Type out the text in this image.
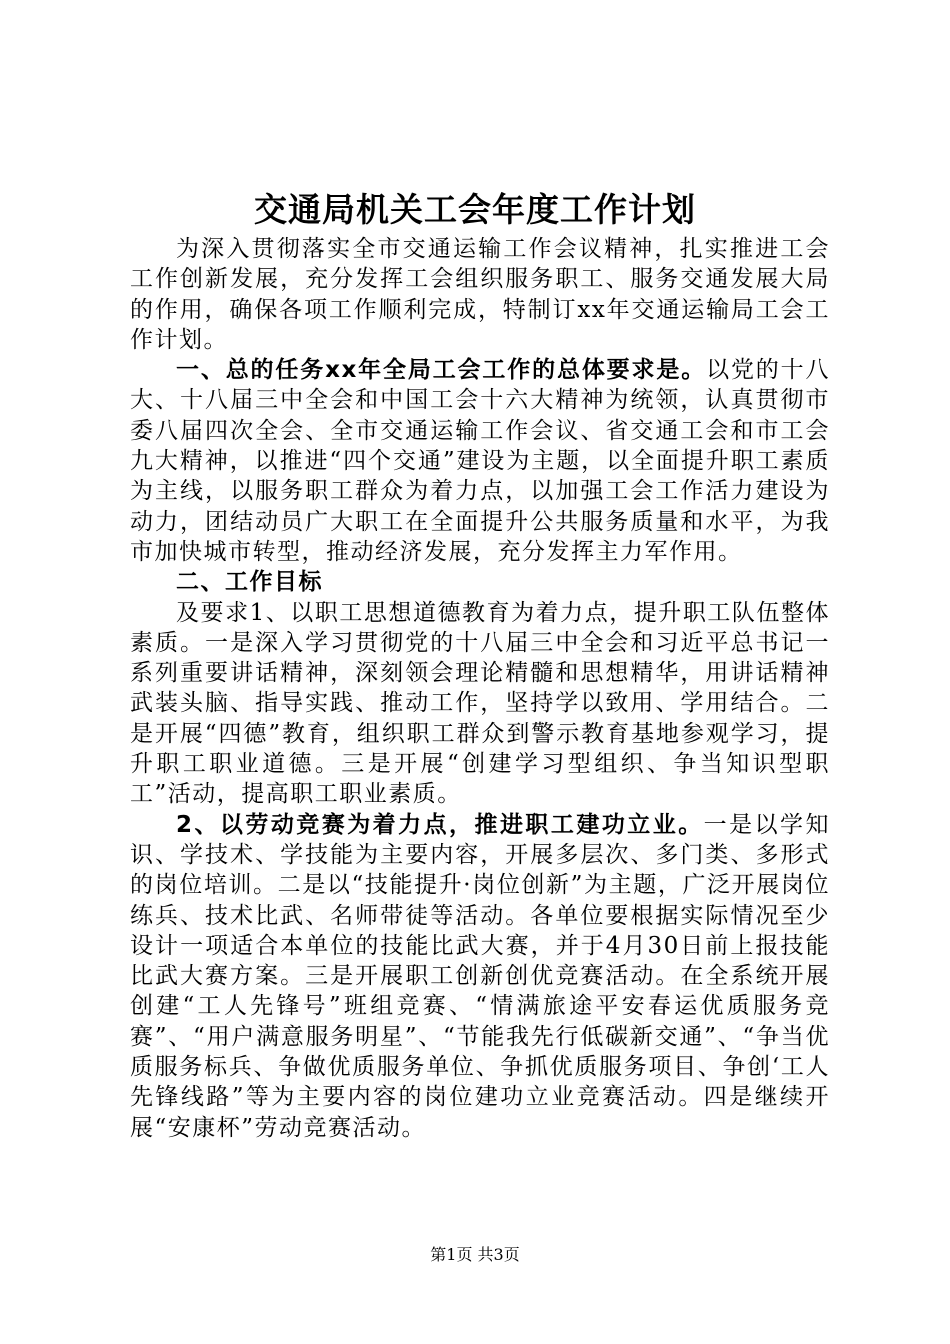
交通局机关工会年度工作计划

为深入贯彻落实全市交通运输工作会议精神，扎实推进工会工作创新发展，充分发挥工会组织服务职工、服务交通发展大局的作用，确保各项工作顺利完成，特制订xx年交通运输局工会工作计划。

一、总的任务xx年全局工会工作的总体要求是。以党的十八大、十八届三中全会和中国工会十六大精神为统领，认真贯彻市委八届四次全会、全市交通运输工作会议、省交通工会和市工会九大精神，以推进“四个交通”建设为主题，以全面提升职工素质为主线，以服务职工群众为着力点，以加强工会工作活力建设为动力，团结动员广大职工在全面提升公共服务质量和水平，为我市加快城市转型，推动经济发展，充分发挥主力军作用。

二、工作目标

及要求1、以职工思想道德教育为着力点，提升职工队伍整体素质。一是深入学习贯彻党的十八届三中全会和习近平总书记一系列重要讲话精神，深刻领会理论精髓和思想精华，用讲话精神武装头脑、指导实践、推动工作，坚持学以致用、学用结合。二是开展“四德”教育，组织职工群众到警示教育基地参观学习，提升职工职业道德。三是开展“创建学习型组织、争当知识型职工”活动，提高职工职业素质。

2、以劳动竞赛为着力点，推进职工建功立业。一是以学知识、学技术、学技能为主要内容，开展多层次、多门类、多形式的岗位培训。二是以“技能提升·岗位创新”为主题，广泛开展岗位练兵、技术比武、名师带徒等活动。各单位要根据实际情况至少设计一项适合本单位的技能比武大赛，并于4月30日前上报技能比武大赛方案。三是开展职工创新创优竞赛活动。在全系统开展创建“工人先锋号”班组竞赛、“情满旅途平安春运优质服务竞赛”、“用户满意服务明星”、“节能我先行低碳新交通”、“争当优质服务标兵、争做优质服务单位、争抓优质服务项目、争创‘工人先锋线路”等为主要内容的岗位建功立业竞赛活动。四是继续开展“安康杯”劳动竞赛活动。

第1页 共3页
